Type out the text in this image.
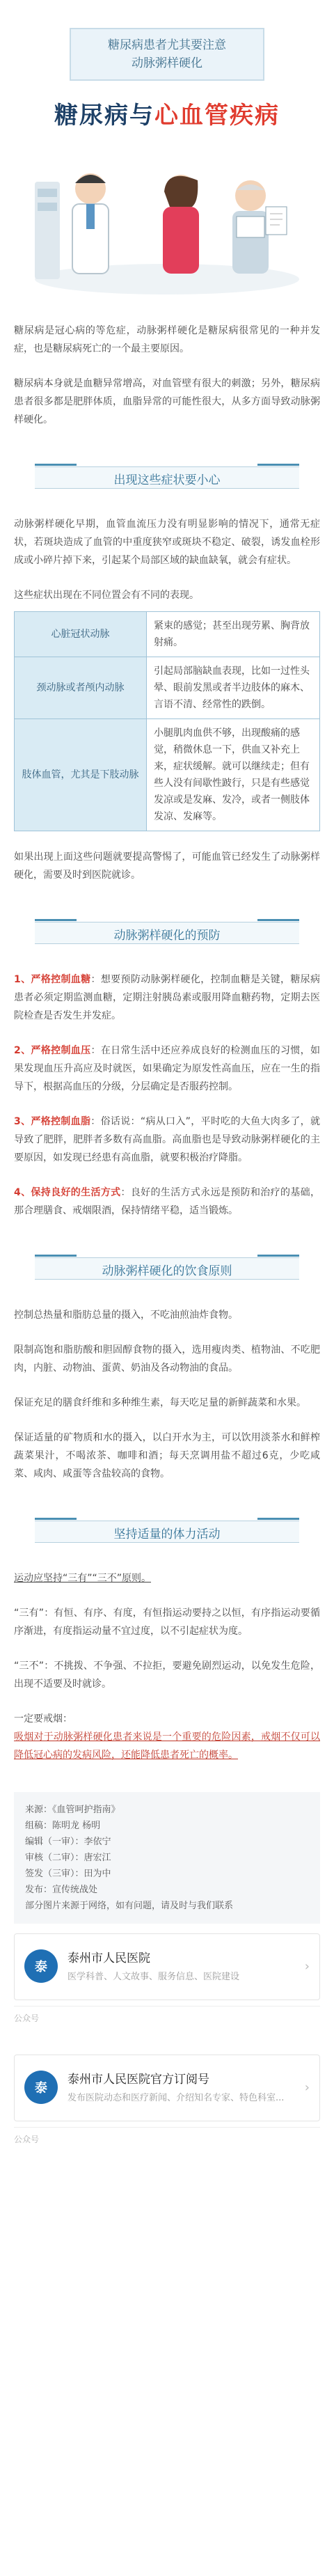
糖尿病患者尤其要注意
动脉粥样硬化
糖尿病与心血管疾病

糖尿病是冠心病的等危症，动脉粥样硬化是糖尿病很常见的一种并发症，也是糖尿病死亡的一个最主要原因。

糖尿病本身就是血糖异常增高，对血管壁有很大的刺激；另外，糖尿病患者很多都是肥胖体质，血脂异常的可能性很大，从多方面导致动脉粥样硬化。

出现这些症状要小心

动脉粥样硬化早期，血管血流压力没有明显影响的情况下，通常无症状，若斑块造成了血管的中重度狭窄或斑块不稳定、破裂，诱发血栓形成或小碎片掉下来，引起某个局部区域的缺血缺氧，就会有症状。

这些症状出现在不同位置会有不同的表现。

心脏冠状动脉	紧束的感觉；甚至出现劳累、胸背放射痛。
颈动脉或者颅内动脉	引起局部脑缺血表现，比如一过性头晕、眼前发黑或者半边肢体的麻木、言语不清、经常性的跌倒。
肢体血管，尤其是下肢动脉	小腿肌肉血供不够，出现酸痛的感觉，稍微休息一下，供血又补充上来，症状缓解。就可以继续走；但有些人没有间歇性跛行，只是有些感觉发凉或是发麻、发冷，或者一侧肢体发凉、发麻等。

如果出现上面这些问题就要提高警惕了，可能血管已经发生了动脉粥样硬化，需要及时到医院就诊。

动脉粥样硬化的预防

1、严格控制血糖：想要预防动脉粥样硬化，控制血糖是关键，糖尿病患者必须定期监测血糖，定期注射胰岛素或服用降血糖药物，定期去医院检查是否发生并发症。

2、严格控制血压：在日常生活中还应养成良好的检测血压的习惯，如果发现血压升高应及时就医，如果确定为原发性高血压，应在一生的指导下，根据高血压的分级，分层确定是否服药控制。

3、严格控制血脂：俗话说：“病从口入”，平时吃的大鱼大肉多了，就导致了肥胖，肥胖者多数有高血脂。高血脂也是导致动脉粥样硬化的主要原因，如发现已经患有高血脂，就要积极治疗降脂。

4、保持良好的生活方式：良好的生活方式永远是预防和治疗的基础，那合理膳食、戒烟限酒，保持情绪平稳，适当锻炼。

动脉粥样硬化的饮食原则

控制总热量和脂肪总量的摄入，不吃油煎油炸食物。

限制高饱和脂肪酸和胆固醇食物的摄入，选用瘦肉类、植物油、不吃肥肉，内脏、动物油、蛋黄、奶油及各动物油的食品。

保证充足的膳食纤维和多种维生素，每天吃足量的新鲜蔬菜和水果。

保证适量的矿物质和水的摄入，以白开水为主，可以饮用淡茶水和鲜榨蔬菜果汁，不喝浓茶、咖啡和酒；每天烹调用盐不超过6克，少吃咸菜、咸肉、咸蛋等含盐较高的食物。

坚持适量的体力活动

运动应坚持“三有”“三不”原则。

“三有”：有恒、有序、有度，有恒指运动要持之以恒，有序指运动要循序渐进，有度指运动量不宜过度，以不引起症状为度。

“三不”：不挑拨、不争强、不拉拒，要避免剧烈运动，以免发生危险，出现不适要及时就诊。

一定要戒烟：

吸烟对于动脉粥样硬化患者来说是一个重要的危险因素，戒烟不仅可以降低冠心病的发病风险，还能降低患者死亡的概率。

来源：《血管呵护指南》
组稿：陈明龙 杨明
编辑（一审）：李依宁
审核（二审）：唐宏江
签发（三审）：田为中
发布：宣传统战处
部分图片来源于网络，如有问题，请及时与我们联系
泰
泰州市人民医院
医学科普、人文故事、服务信息、医院建设
›
公众号
泰
泰州市人民医院官方订阅号
发布医院动态和医疗新闻、介绍知名专家、特色科室...
›
公众号
